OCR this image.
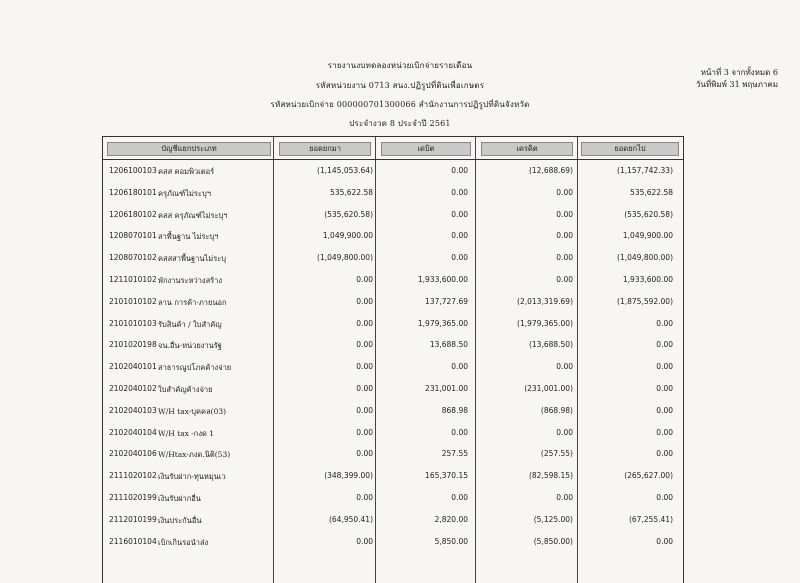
รายงานงบทดลองหน่วยเบิกจ่ายรายเดือน
รหัสหน่วยงาน 0713 สนง.ปฏิรูปที่ดินเพื่อเกษตร
รหัสหน่วยเบิกจ่าย 000000701300066 สำนักงานการปฏิรูปที่ดินจังหวัด
ประจำงวด 8 ประจำปี 2561
หน้าที่ 3 จากทั้งหมด 6
วันที่พิมพ์ 31 พฤษภาคม
บัญชีแยกประเภท	ยอดยกมา	เดบิต	เครดิต	ยอดยกไป
1206100103 คสส คอมพิวเตอร์	(1,145,053.64)	0.00	(12,688.69)	(1,157,742.33)
1206180101 ครุภัณฑ์ไม่ระบุฯ	535,622.58	0.00	0.00	535,622.58
1206180102 คสส ครุภัณฑ์ไม่ระบุฯ	(535,620.58)	0.00	0.00	(535,620.58)
1208070101 สาพื้นฐาน ไม่ระบุฯ	1,049,900.00	0.00	0.00	1,049,900.00
1208070102 คสสสาพื้นฐานไม่ระบุ	(1,049,800.00)	0.00	0.00	(1,049,800.00)
1211010102 พักงานระหว่างสร้าง	0.00	1,933,600.00	0.00	1,933,600.00
2101010102 ลาน การค้า-ภายนอก	0.00	137,727.69	(2,013,319.69)	(1,875,592.00)
2101010103 รับสินค้า / ใบสำคัญ	0.00	1,979,365.00	(1,979,365.00)	0.00
2101020198 จน.อื่น-หน่วยงานรัฐ	0.00	13,688.50	(13,688.50)	0.00
2102040101 สาธารณูปโภคค้างจ่าย	0.00	0.00	0.00	0.00
2102040102 ใบสำคัญค้างจ่าย	0.00	231,001.00	(231,001.00)	0.00
2102040103 W/H tax-บุคคล(03)	0.00	868.98	(868.98)	0.00
2102040104 W/H tax -กงด 1	0.00	0.00	0.00	0.00
2102040106 W/Htax-ภงด.นิติ(53)	0.00	257.55	(257.55)	0.00
2111020102 เงินรับฝาก-ทุนหมุนเว	(348,399.00)	165,370.15	(82,598.15)	(265,627.00)
2111020199 เงินรับฝากอื่น	0.00	0.00	0.00	0.00
2112010199 เงินประกันอื่น	(64,950.41)	2,820.00	(5,125.00)	(67,255.41)
2116010104 เบิกเกินรอนำส่ง	0.00	5,850.00	(5,850.00)	0.00
